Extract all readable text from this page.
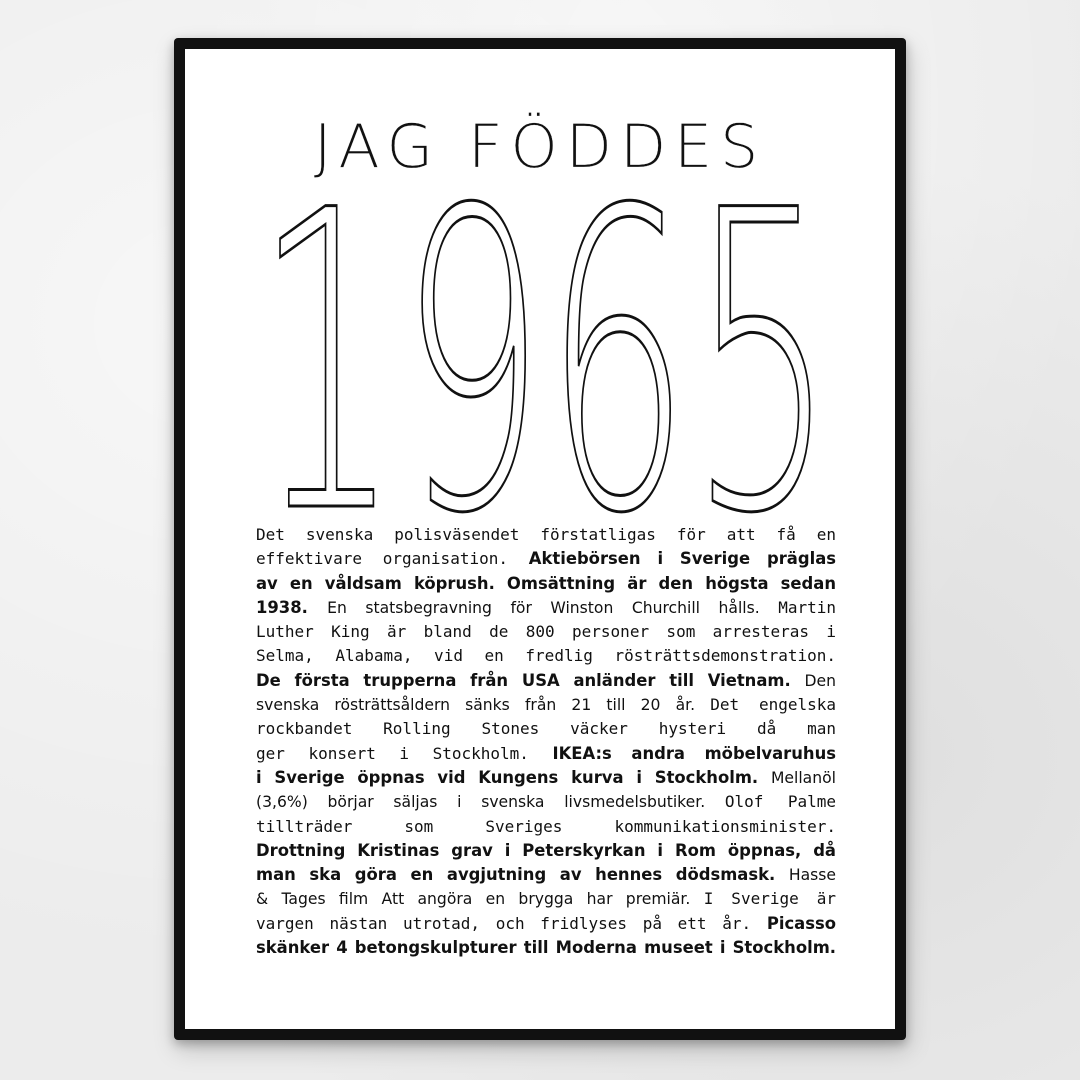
JAG FÖDDES
1965
Det svenska polisväsendet förstatligas för att få en
effektivare organisation. Aktiebörsen i Sverige präglas
av en våldsam köprush. Omsättning är den högsta sedan
1938. En statsbegravning för Winston Churchill hålls. Martin
Luther King är bland de 800 personer som arresteras i
Selma, Alabama, vid en fredlig rösträttsdemonstration.
De första trupperna från USA anländer till Vietnam. Den
svenska rösträttsåldern sänks från 21 till 20 år. Det engelska
rockbandet Rolling Stones väcker hysteri då man
ger konsert i Stockholm. IKEA:s andra möbelvaruhus
i Sverige öppnas vid Kungens kurva i Stockholm. Mellanöl
(3,6%) börjar säljas i svenska livsmedelsbutiker. Olof Palme
tillträder som Sveriges kommunikationsminister.
Drottning Kristinas grav i Peterskyrkan i Rom öppnas, då
man ska göra en avgjutning av hennes dödsmask. Hasse
& Tages film Att angöra en brygga har premiär. I Sverige är
vargen nästan utrotad, och fridlyses på ett år. Picasso
skänker 4 betongskulpturer till Moderna museet i Stockholm.
